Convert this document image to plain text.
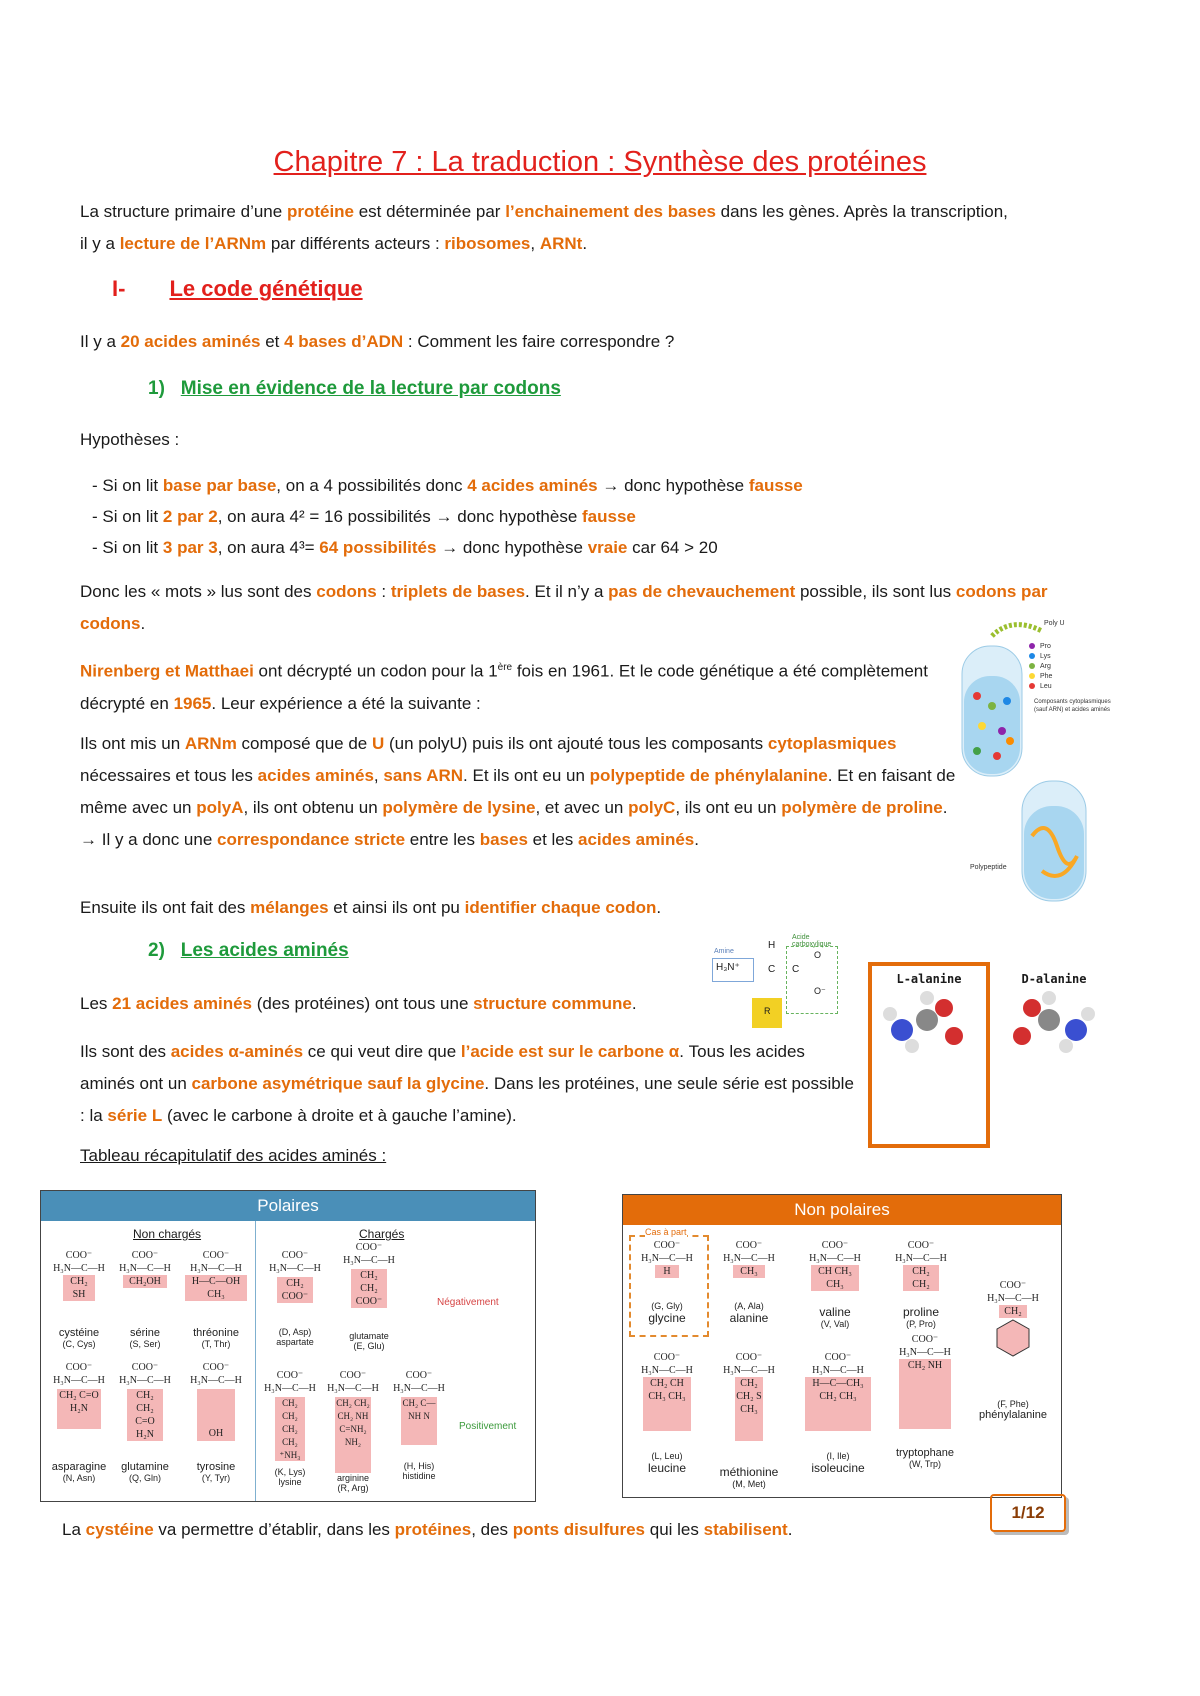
Chapitre 7 : La traduction : Synthèse des protéines

La structure primaire d’une protéine est déterminée par l’enchainement des bases dans les gènes. Après la transcription, il y a lecture de l’ARNm par différents acteurs : ribosomes, ARNt.

I- Le code génétique

Il y a 20 acides aminés et 4 bases d’ADN : Comment les faire correspondre ?

1) Mise en évidence de la lecture par codons

Hypothèses :

- Si on lit base par base, on a 4 possibilités donc 4 acides aminés → donc hypothèse fausse
- Si on lit 2 par 2, on aura 4² = 16 possibilités → donc hypothèse fausse
- Si on lit 3 par 3, on aura 4³= 64 possibilités → donc hypothèse vraie car 64 > 20

Donc les « mots » lus sont des codons : triplets de bases. Et il n’y a pas de chevauchement possible, ils sont lus codons par codons.

Nirenberg et Matthaei ont décrypté un codon pour la 1ère fois en 1961. Et le code génétique a été complètement décrypté en 1965. Leur expérience a été la suivante :

Ils ont mis un ARNm composé que de U (un polyU) puis ils ont ajouté tous les composants cytoplasmiques nécessaires et tous les acides aminés, sans ARN. Et ils ont eu un polypeptide de phénylalanine. Et en faisant de même avec un polyA, ils ont obtenu un polymère de lysine, et avec un polyC, ils ont eu un polymère de proline. → Il y a donc une correspondance stricte entre les bases et les acides aminés.

Ensuite ils ont fait des mélanges et ainsi ils ont pu identifier chaque codon.

Poly U
Pro
Lys
Arg
Phe
Leu
Composants cytoplasmiques (sauf ARN) et acides aminés
Polypeptide
2) Les acides aminés

Les 21 acides aminés (des protéines) ont tous une structure commune.

Amine
H₃N⁺
H
C
Acide carboxylique
C
O
O⁻
R
L-alanine	D-alanine

Ils sont des acides α-aminés ce qui veut dire que l’acide est sur le carbone α. Tous les acides aminés ont un carbone asymétrique sauf la glycine. Dans les protéines, une seule série est possible : la série L (avec le carbone à droite et à gauche l’amine).

Tableau récapitulatif des acides aminés :

Polaires
Non chargés	Chargés
Négativement
Positivement
COO⁻
H₃N—C—H
CH₂ SH
cystéine
(C, Cys)
COO⁻
H₃N—C—H
CH₂OH
sérine
(S, Ser)
COO⁻
H₃N—C—H
H—C—OH CH₃
thréonine
(T, Thr)
COO⁻
H₃N—C—H
CH₂ C=O H₂N
asparagine
(N, Asn)
COO⁻
H₃N—C—H
CH₂ CH₂ C=O H₂N
glutamine
(Q, Gln)
COO⁻
H₃N—C—H
OH
tyrosine
(Y, Tyr)
COO⁻
H₃N—C—H
CH₂ COO⁻
(D, Asp)
aspartate
COO⁻
H₃N—C—H
CH₂ CH₂ COO⁻
glutamate
(E, Glu)
COO⁻
H₃N—C—H
CH₂ CH₂ CH₂ CH₂ ⁺NH₃
(K, Lys)
lysine
COO⁻
H₃N—C—H
CH₂ CH₂ CH₂ NH C=NH₂ NH₂
arginine
(R, Arg)
COO⁻
H₃N—C—H
CH₂ C—NH N
(H, His)
histidine
Non polaires
Cas à part
COO⁻
H₃N—C—H
H
(G, Gly)
glycine
COO⁻
H₃N—C—H
CH₃
(A, Ala)
alanine
COO⁻
H₃N—C—H
CH CH₃ CH₃
valine
(V, Val)
COO⁻
H₃N—C—H
CH₂ CH₂
proline
(P, Pro)
COO⁻
H₃N—C—H
CH₂
(F, Phe)
phénylalanine
COO⁻
H₃N—C—H
CH₂ CH CH₃ CH₃
(L, Leu)
leucine
COO⁻
H₃N—C—H
CH₂ CH₂ S CH₃
méthionine
(M, Met)
COO⁻
H₃N—C—H
H—C—CH₃ CH₂ CH₃
(I, Ile)
isoleucine
COO⁻
H₃N—C—H
CH₂ NH
tryptophane
(W, Trp)

La cystéine va permettre d’établir, dans les protéines, des ponts disulfures qui les stabilisent.

1/12
